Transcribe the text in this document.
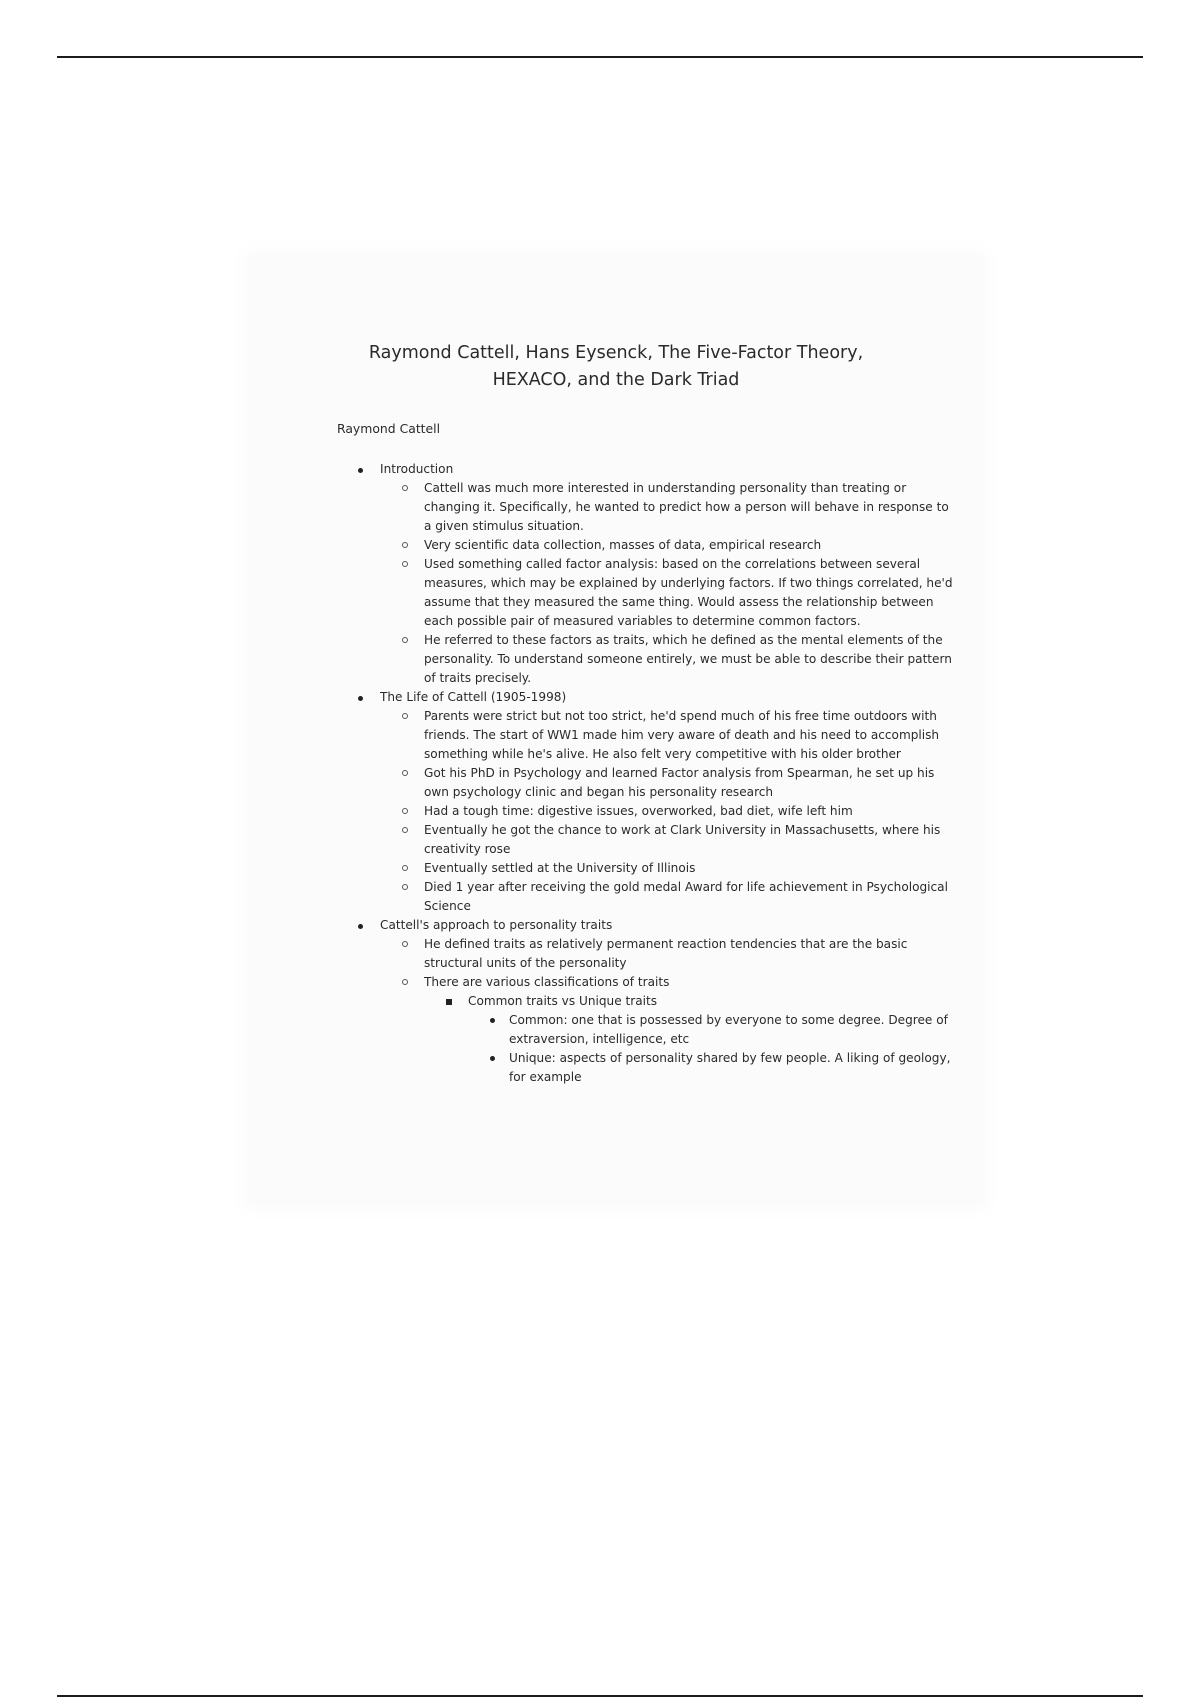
Raymond Cattell, Hans Eysenck, The Five-Factor Theory, HEXACO, and the Dark Triad

Raymond Cattell

Introduction
Cattell was much more interested in understanding personality than treating or changing it. Specifically, he wanted to predict how a person will behave in response to a given stimulus situation.
Very scientific data collection, masses of data, empirical research
Used something called factor analysis: based on the correlations between several measures, which may be explained by underlying factors. If two things correlated, he'd assume that they measured the same thing. Would assess the relationship between each possible pair of measured variables to determine common factors.
He referred to these factors as traits, which he defined as the mental elements of the personality. To understand someone entirely, we must be able to describe their pattern of traits precisely.
The Life of Cattell (1905-1998)
Parents were strict but not too strict, he'd spend much of his free time outdoors with friends. The start of WW1 made him very aware of death and his need to accomplish something while he's alive. He also felt very competitive with his older brother
Got his PhD in Psychology and learned Factor analysis from Spearman, he set up his own psychology clinic and began his personality research
Had a tough time: digestive issues, overworked, bad diet, wife left him
Eventually he got the chance to work at Clark University in Massachusetts, where his creativity rose
Eventually settled at the University of Illinois
Died 1 year after receiving the gold medal Award for life achievement in Psychological Science
Cattell's approach to personality traits
He defined traits as relatively permanent reaction tendencies that are the basic structural units of the personality
There are various classifications of traits
Common traits vs Unique traits
Common: one that is possessed by everyone to some degree. Degree of extraversion, intelligence, etc
Unique: aspects of personality shared by few people. A liking of geology, for example
